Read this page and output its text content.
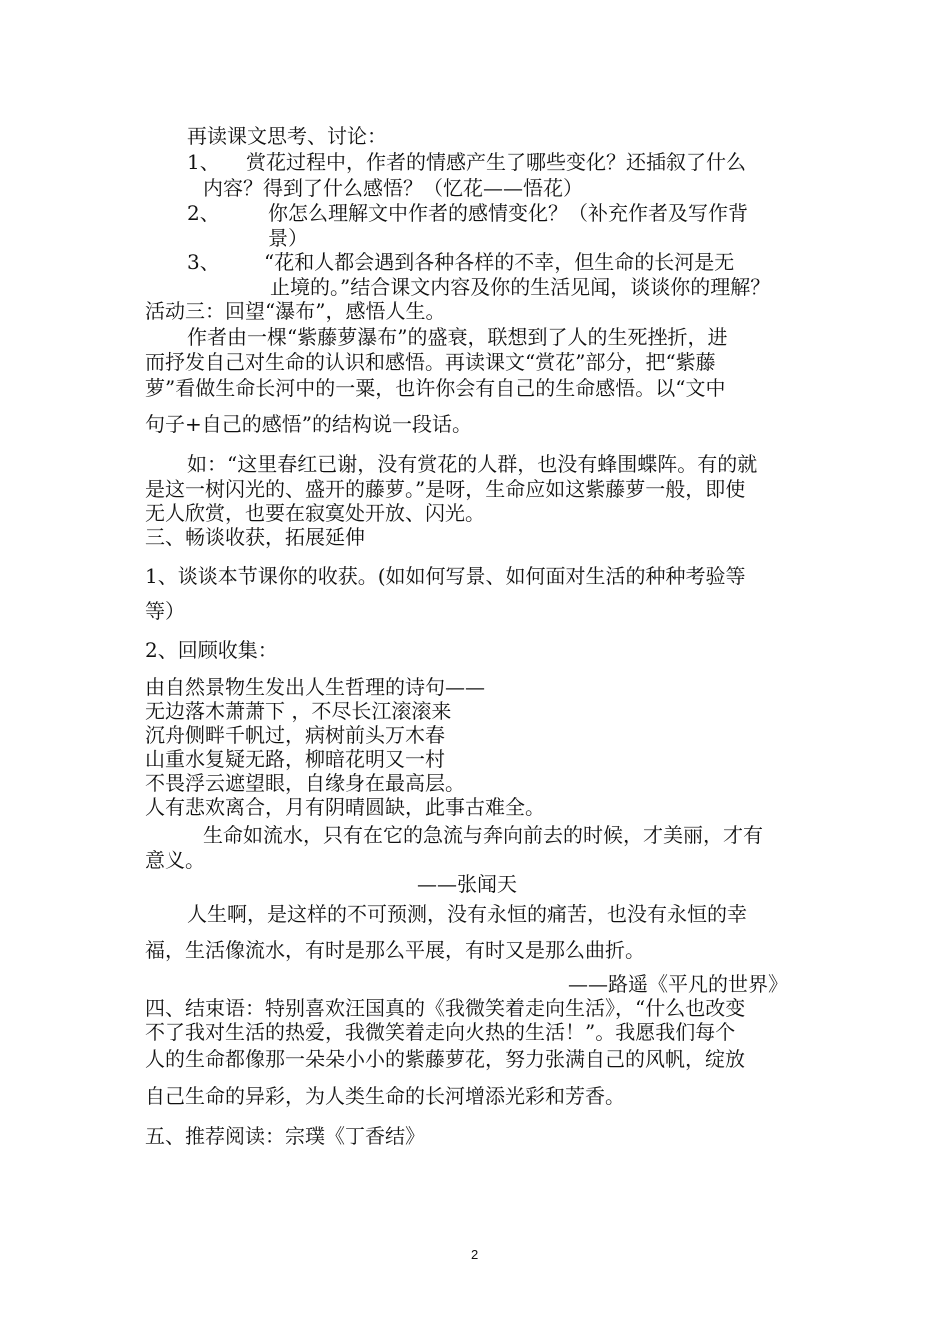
再读课文思考、讨论：
1、 赏花过程中，作者的情感产生了哪些变化？还插叙了什么
内容？得到了什么感悟？（忆花——悟花）
2、 你怎么理解文中作者的感情变化？（补充作者及写作背
景）
3、 “花和人都会遇到各种各样的不幸，但生命的长河是无
止境的。”结合课文内容及你的生活见闻，谈谈你的理解？
活动三：回望“瀑布”，感悟人生。
作者由一棵“紫藤萝瀑布”的盛衰，联想到了人的生死挫折，进
而抒发自己对生命的认识和感悟。再读课文“赏花”部分，把“紫藤
萝”看做生命长河中的一粟，也许你会有自己的生命感悟。以“文中
句子+自己的感悟”的结构说一段话。
如：“这里春红已谢，没有赏花的人群，也没有蜂围蝶阵。有的就
是这一树闪光的、盛开的藤萝。”是呀，生命应如这紫藤萝一般，即使
无人欣赏，也要在寂寞处开放、闪光。
三、畅谈收获，拓展延伸
1、谈谈本节课你的收获。(如如何写景、如何面对生活的种种考验等
等）
2、回顾收集：
由自然景物生发出人生哲理的诗句——
无边落木萧萧下 ，不尽长江滚滚来
沉舟侧畔千帆过，病树前头万木春
山重水复疑无路，柳暗花明又一村
不畏浮云遮望眼，自缘身在最高层。
人有悲欢离合，月有阴晴圆缺，此事古难全。
生命如流水，只有在它的急流与奔向前去的时候，才美丽，才有
意义。
——张闻天
人生啊，是这样的不可预测，没有永恒的痛苦，也没有永恒的幸
福，生活像流水，有时是那么平展，有时又是那么曲折。
——路遥《平凡的世界》
四、结束语：特别喜欢汪国真的《我微笑着走向生活》，“什么也改变
不了我对生活的热爱，我微笑着走向火热的生活！”。我愿我们每个
人的生命都像那一朵朵小小的紫藤萝花，努力张满自己的风帆，绽放
自己生命的异彩，为人类生命的长河增添光彩和芳香。
五、推荐阅读：宗璞《丁香结》
2
